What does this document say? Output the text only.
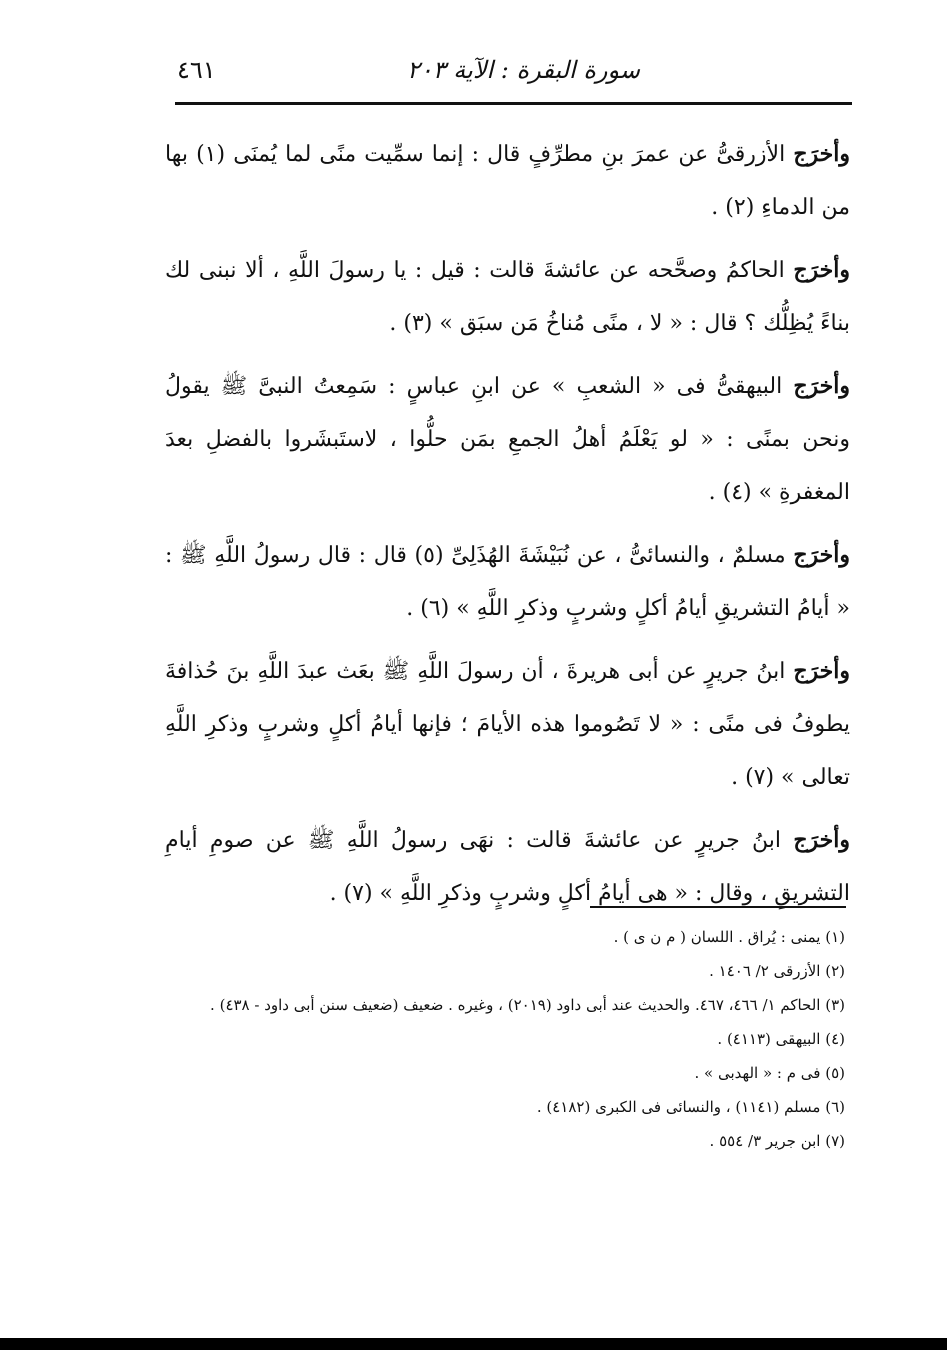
سورة البقرة : الآية ٢٠٣
٤٦١

وأخرَج الأزرقىُّ عن عمرَ بنِ مطرِّفٍ قال : إنما سمِّيت منًى لما يُمنَى (١) بها من الدماءِ (٢) .

وأخرَج الحاكمُ وصحَّحه عن عائشةَ قالت : قيل : يا رسولَ اللَّهِ ، ألا نبنى لك بناءً يُظِلُّك ؟ قال : « لا ، منًى مُناخُ مَن سبَق » (٣) .

وأخرَج البيهقىُّ فى « الشعبِ » عن ابنِ عباسٍ : سَمِعتُ النبىَّ ﷺ يقولُ ونحن بمنًى : « لو يَعْلَمُ أهلُ الجمعِ بمَن حلُّوا ، لاستَبشَروا بالفضلِ بعدَ المغفرةِ » (٤) .

وأخرَج مسلمٌ ، والنسائىُّ ، عن نُبَيْشَةَ الهُذَلِىِّ (٥) قال : قال رسولُ اللَّهِ ﷺ : « أيامُ التشريقِ أيامُ أكلٍ وشربٍ وذكرِ اللَّهِ » (٦) .

وأخرَج ابنُ جريرٍ عن أبى هريرةَ ، أن رسولَ اللَّهِ ﷺ بعَث عبدَ اللَّهِ بنَ حُذافةَ يطوفُ فى منًى : « لا تَصُوموا هذه الأيامَ ؛ فإنها أيامُ أكلٍ وشربٍ وذكرِ اللَّهِ تعالى » (٧) .

وأخرَج ابنُ جريرٍ عن عائشةَ قالت : نهَى رسولُ اللَّهِ ﷺ عن صومِ أيامِ التشريقِ ، وقال : « هى أيامُ أكلٍ وشربٍ وذكرِ اللَّهِ » (٧) .

(١) يمنى : يُراق . اللسان ( م ن ى ) .

(٢) الأزرقى ٢/ ١٤٠٦ .

(٣) الحاكم ١/ ٤٦٦، ٤٦٧. والحديث عند أبى داود (٢٠١٩) ، وغيره . ضعيف (ضعيف سنن أبى داود - ٤٣٨) .

(٤) البيهقى (٤١١٣) .

(٥) فى م : « الهدبى » .

(٦) مسلم (١١٤١) ، والنسائى فى الكبرى (٤١٨٢) .

(٧) ابن جرير ٣/ ٥٥٤ .
